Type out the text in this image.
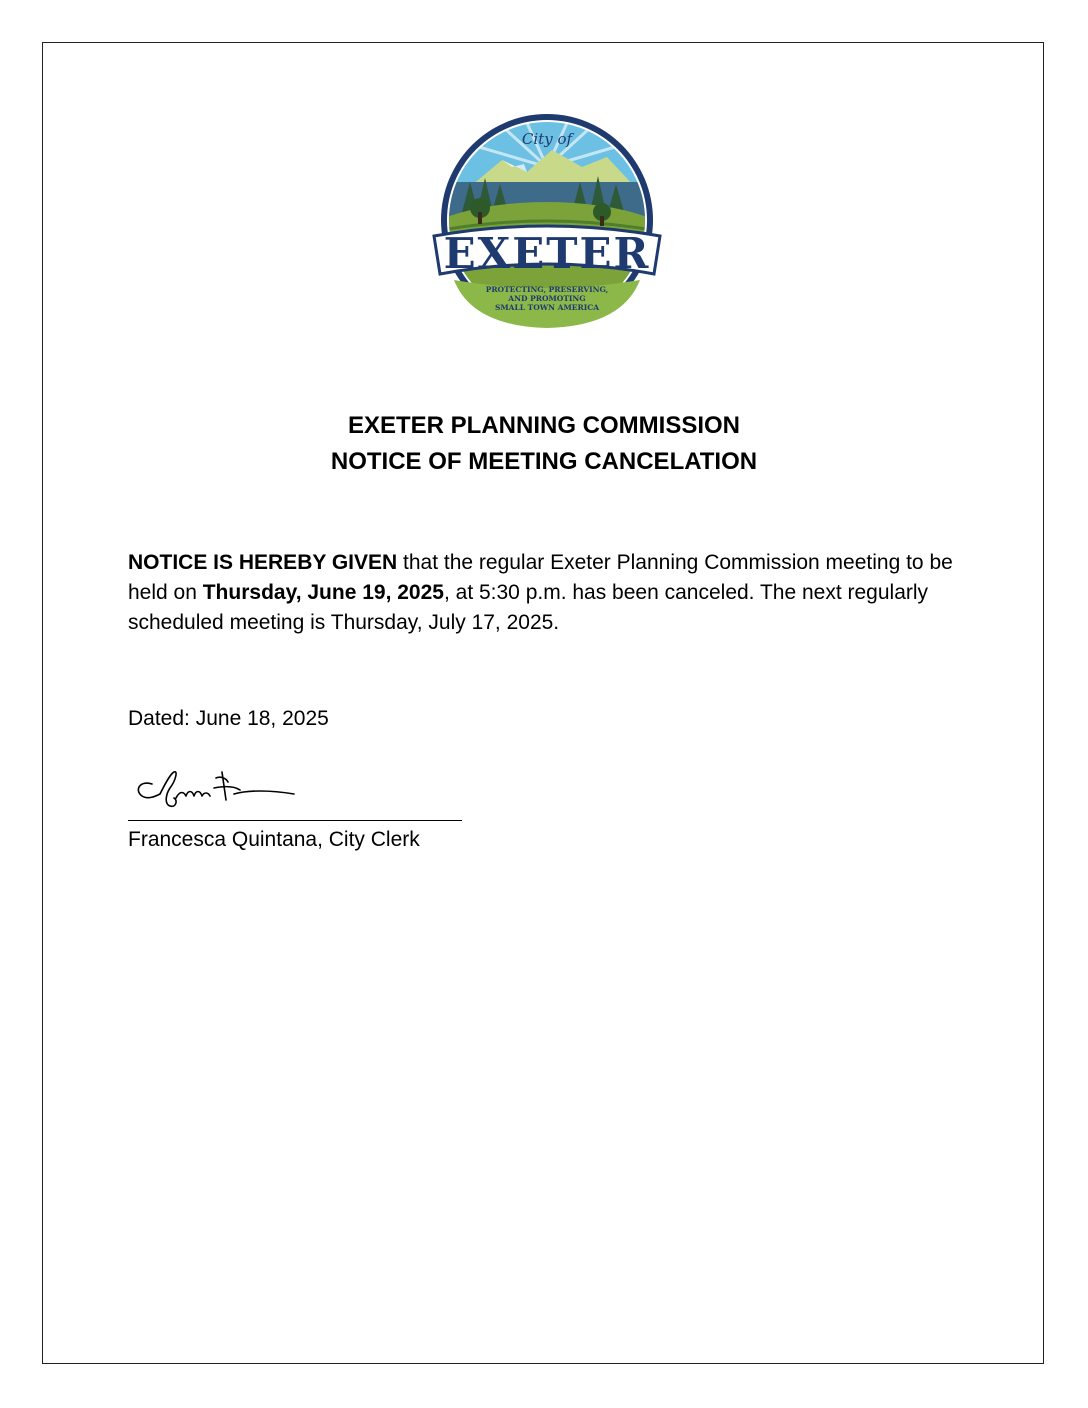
City of
EXETER
PROTECTING, PRESERVING,
AND PROMOTING
SMALL TOWN AMERICA
EXETER PLANNING COMMISSION
NOTICE OF MEETING CANCELATION
NOTICE IS HEREBY GIVEN that the regular Exeter Planning Commission meeting to be held on Thursday, June 19, 2025, at 5:30 p.m. has been canceled. The next regularly scheduled meeting is Thursday, July 17, 2025.
Dated: June 18, 2025
Francesca Quintana, City Clerk
